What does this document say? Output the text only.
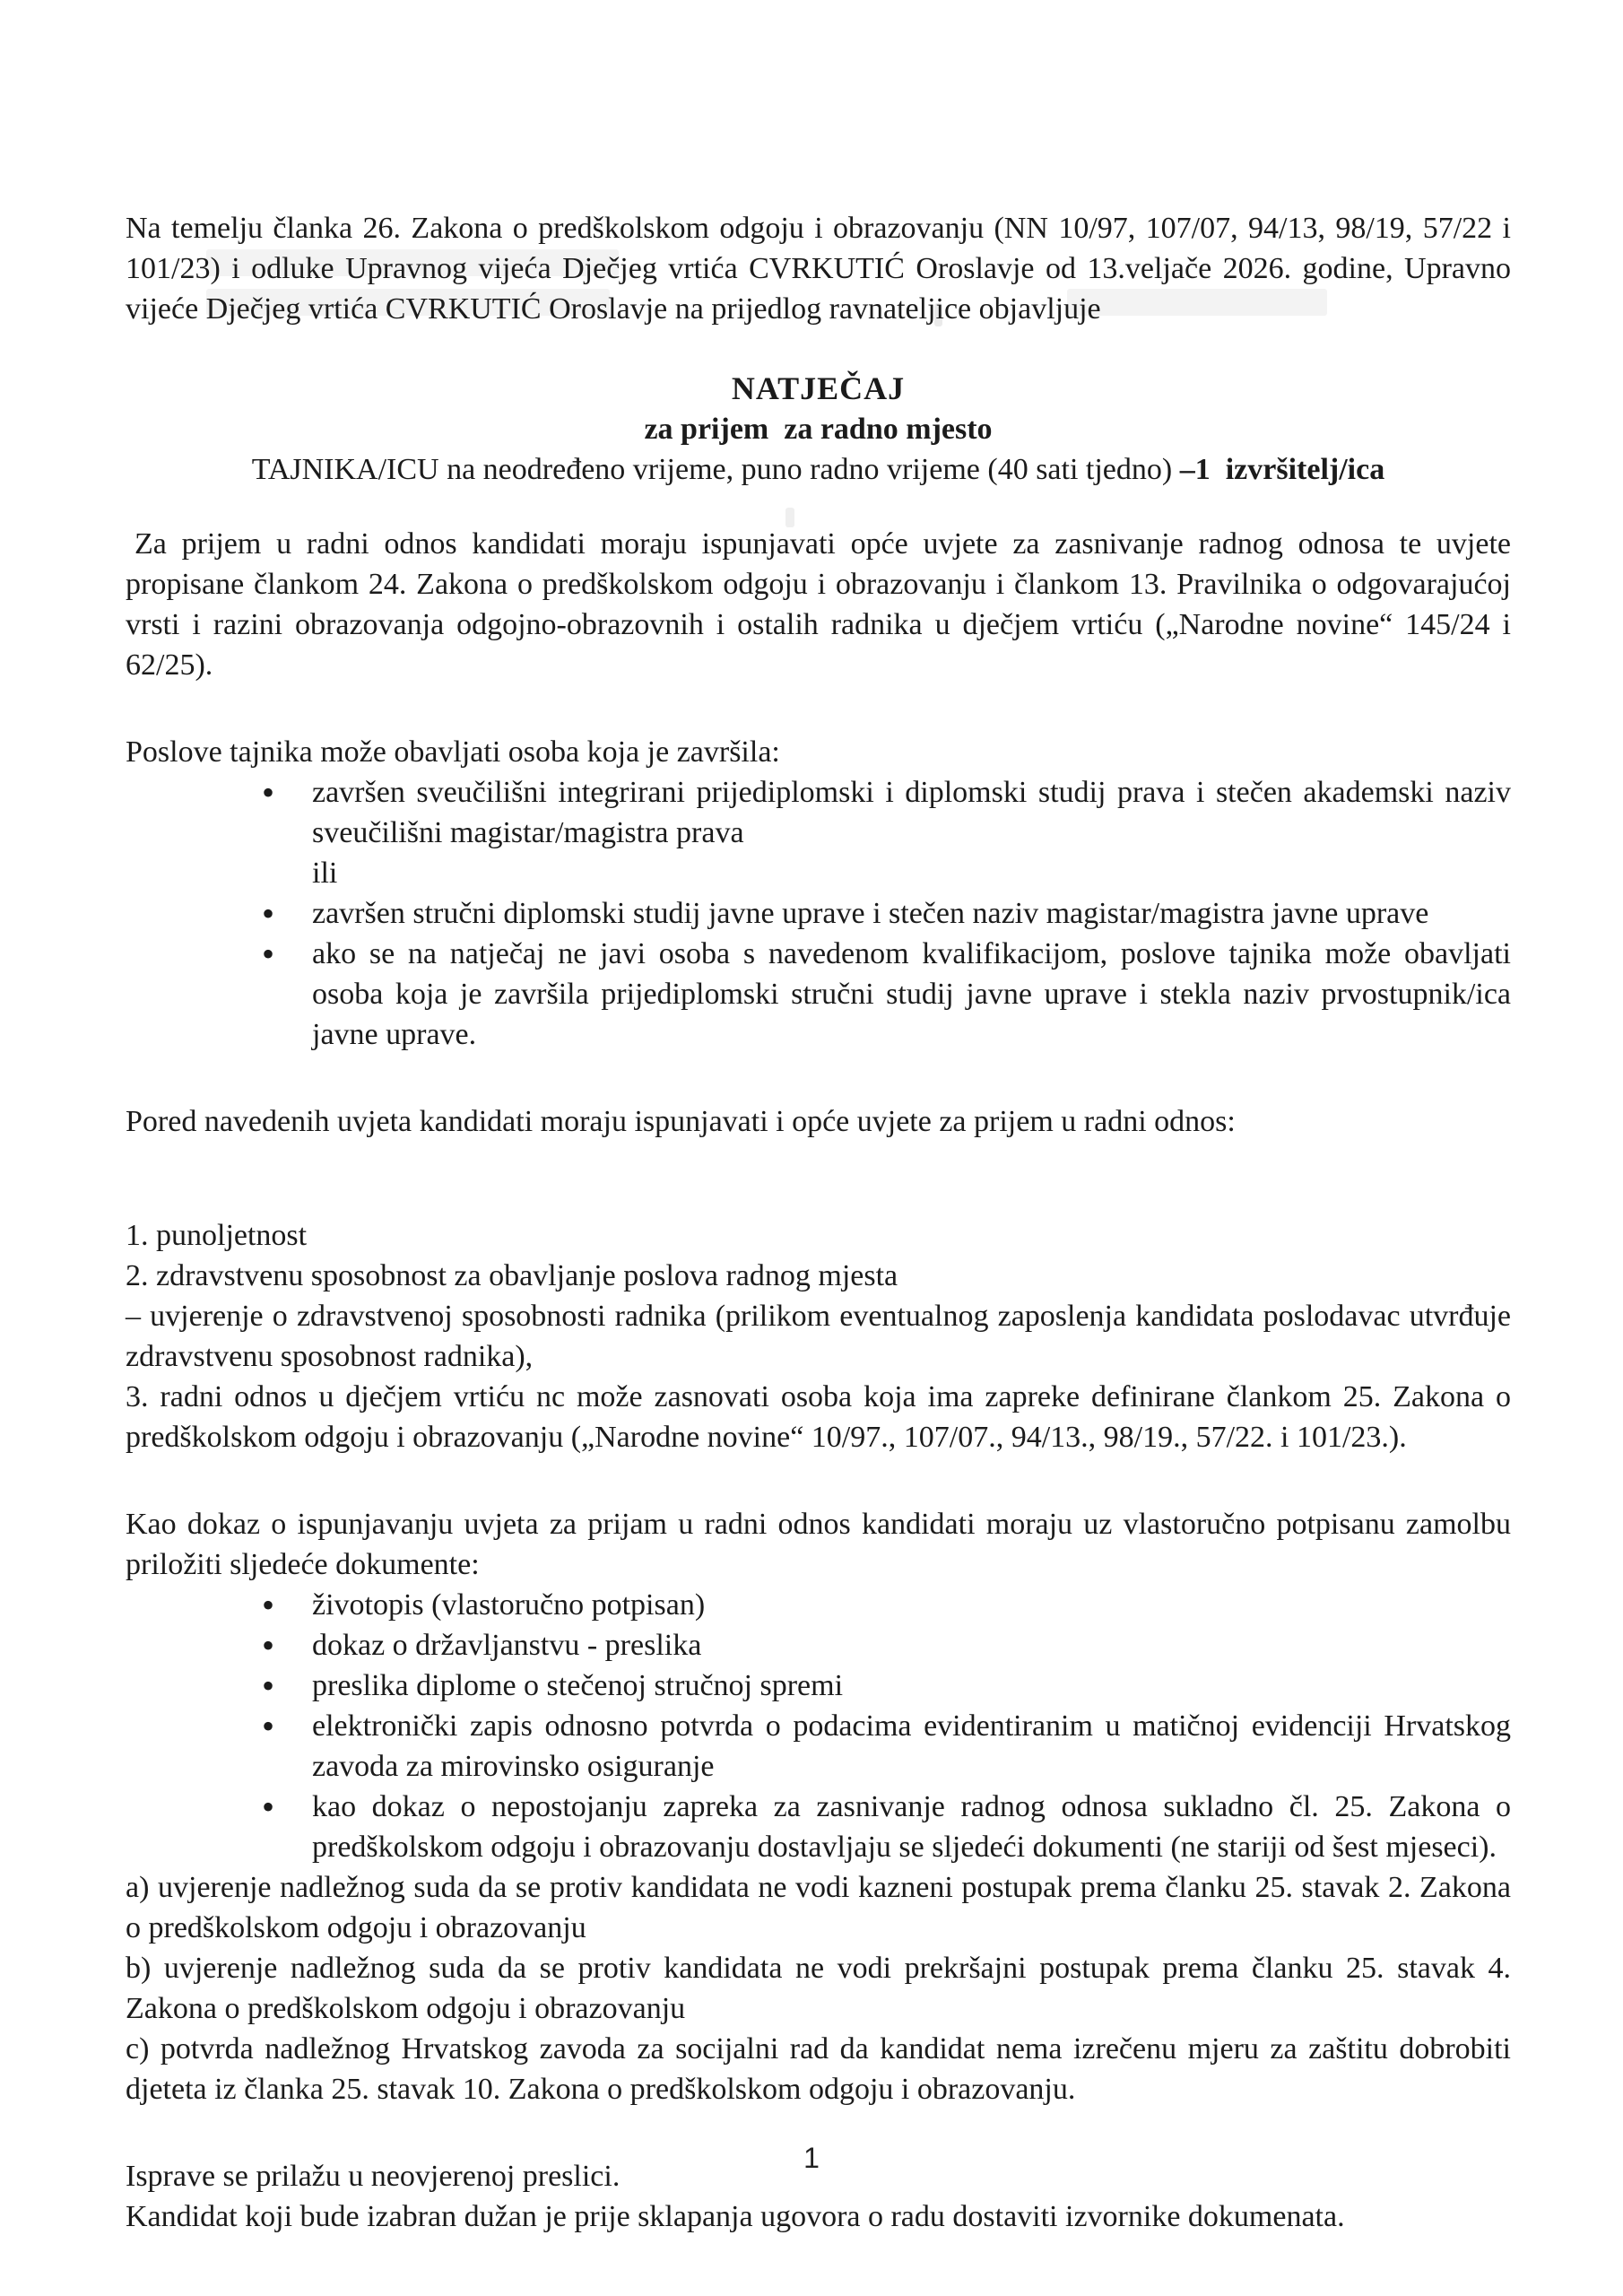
Na temelju članka 26. Zakona o predškolskom odgoju i obrazovanju (NN 10/97, 107/07, 94/13, 98/19, 57/22 i 101/23) i odluke Upravnog vijeća Dječjeg vrtića CVRKUTIĆ Oroslavje od 13.veljače 2026. godine, Upravno vijeće Dječjeg vrtića CVRKUTIĆ Oroslavje na prijedlog ravnateljice objavljuje

NATJEČAJ
za prijem  za radno mjesto
TAJNIKA/ICU na neodređeno vrijeme, puno radno vrijeme (40 sati tjedno) –1  izvršitelj/ica

Za prijem u radni odnos kandidati moraju ispunjavati opće uvjete za zasnivanje radnog odnosa te uvjete propisane člankom 24. Zakona o predškolskom odgoju i obrazovanju i člankom 13. Pravilnika o odgovarajućoj vrsti i razini obrazovanja odgojno-obrazovnih i ostalih radnika u dječjem vrtiću („Narodne novine“ 145/24 i 62/25).

Poslove tajnika može obavljati osoba koja je završila:

• završen sveučilišni integrirani prijediplomski i diplomski studij prava i stečen akademski naziv sveučilišni magistar/magistra prava
ili
• završen stručni diplomski studij javne uprave i stečen naziv magistar/magistra javne uprave
• ako se na natječaj ne javi osoba s navedenom kvalifikacijom, poslove tajnika može obavljati osoba koja je završila prijediplomski stručni studij javne uprave i stekla naziv prvostupnik/ica javne uprave.

Pored navedenih uvjeta kandidati moraju ispunjavati i opće uvjete za prijem u radni odnos:

1. punoljetnost

2. zdravstvenu sposobnost za obavljanje poslova radnog mjesta

– uvjerenje o zdravstvenoj sposobnosti radnika (prilikom eventualnog zaposlenja kandidata poslodavac utvrđuje zdravstvenu sposobnost radnika),

3. radni odnos u dječjem vrtiću nc može zasnovati osoba koja ima zapreke definirane člankom 25. Zakona o predškolskom odgoju i obrazovanju („Narodne novine“ 10/97., 107/07., 94/13., 98/19., 57/22. i 101/23.).

Kao dokaz o ispunjavanju uvjeta za prijam u radni odnos kandidati moraju uz vlastoručno potpisanu zamolbu priložiti sljedeće dokumente:

• životopis (vlastoručno potpisan)
• dokaz o državljanstvu - preslika
• preslika diplome o stečenoj stručnoj spremi
• elektronički zapis odnosno potvrda o podacima evidentiranim u matičnoj evidenciji Hrvatskog zavoda za mirovinsko osiguranje
• kao dokaz o nepostojanju zapreka za zasnivanje radnog odnosa sukladno čl. 25. Zakona o predškolskom odgoju i obrazovanju dostavljaju se sljedeći dokumenti (ne stariji od šest mjeseci).

a) uvjerenje nadležnog suda da se protiv kandidata ne vodi kazneni postupak prema članku 25. stavak 2. Zakona o predškolskom odgoju i obrazovanju

b) uvjerenje nadležnog suda da se protiv kandidata ne vodi prekršajni postupak prema članku 25. stavak 4. Zakona o predškolskom odgoju i obrazovanju

c) potvrda nadležnog Hrvatskog zavoda za socijalni rad da kandidat nema izrečenu mjeru za zaštitu dobrobiti djeteta iz članka 25. stavak 10. Zakona o predškolskom odgoju i obrazovanju.

Isprave se prilažu u neovjerenoj preslici.

Kandidat koji bude izabran dužan je prije sklapanja ugovora o radu dostaviti izvornike dokumenata.

1
